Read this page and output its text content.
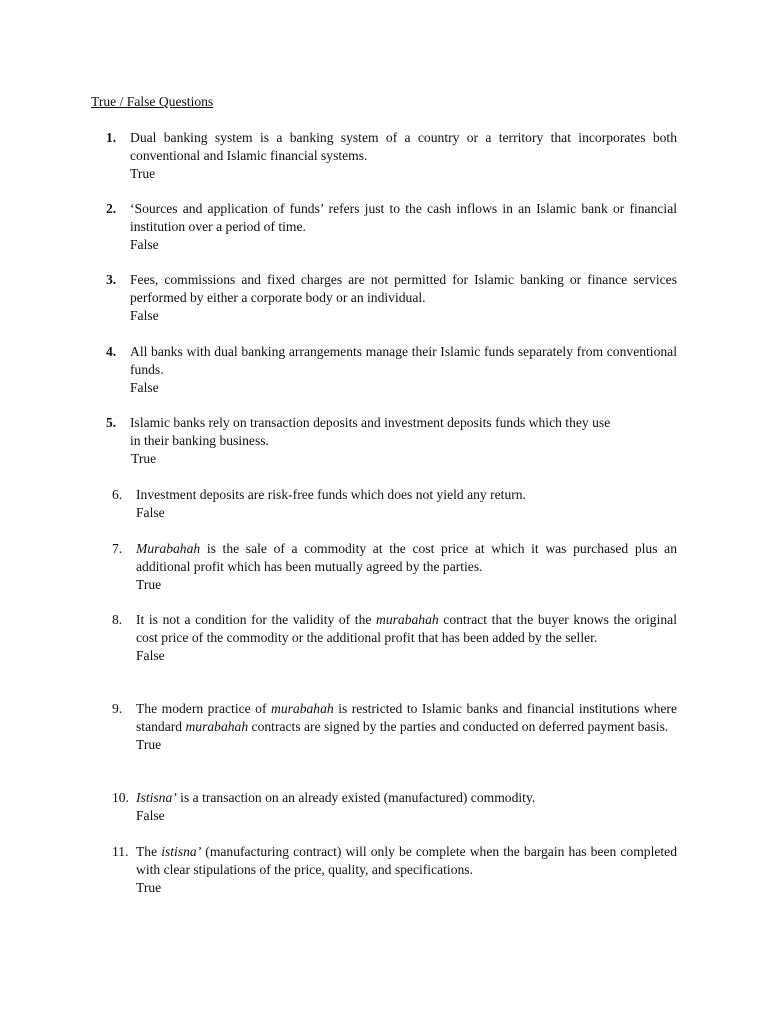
True / False Questions
1.	Dual banking system is a banking system of a country or a territory that incorporates both conventional and Islamic financial systems.
True
2.	‘Sources and application of funds’ refers just to the cash inflows in an Islamic bank or financial institution over a period of time.
False
3.	Fees, commissions and fixed charges are not permitted for Islamic banking or finance services performed by either a corporate body or an individual.
False
4.	All banks with dual banking arrangements manage their Islamic funds separately from conventional funds.
False
5.	Islamic banks rely on transaction deposits and investment deposits funds which they use
in their banking business.
True
6.	Investment deposits are risk-free funds which does not yield any return.
False
7.	Murabahah is the sale of a commodity at the cost price at which it was purchased plus an additional profit which has been mutually agreed by the parties.
True
8.	It is not a condition for the validity of the murabahah contract that the buyer knows the original cost price of the commodity or the additional profit that has been added by the seller.
False
9.	The modern practice of murabahah is restricted to Islamic banks and financial institutions where standard murabahah contracts are signed by the parties and conducted on deferred payment basis.
True
10. Istisna’ is a transaction on an already existed (manufactured) commodity.
False
11. The istisna’ (manufacturing contract) will only be complete when the bargain has been completed with clear stipulations of the price, quality, and specifications.
True
